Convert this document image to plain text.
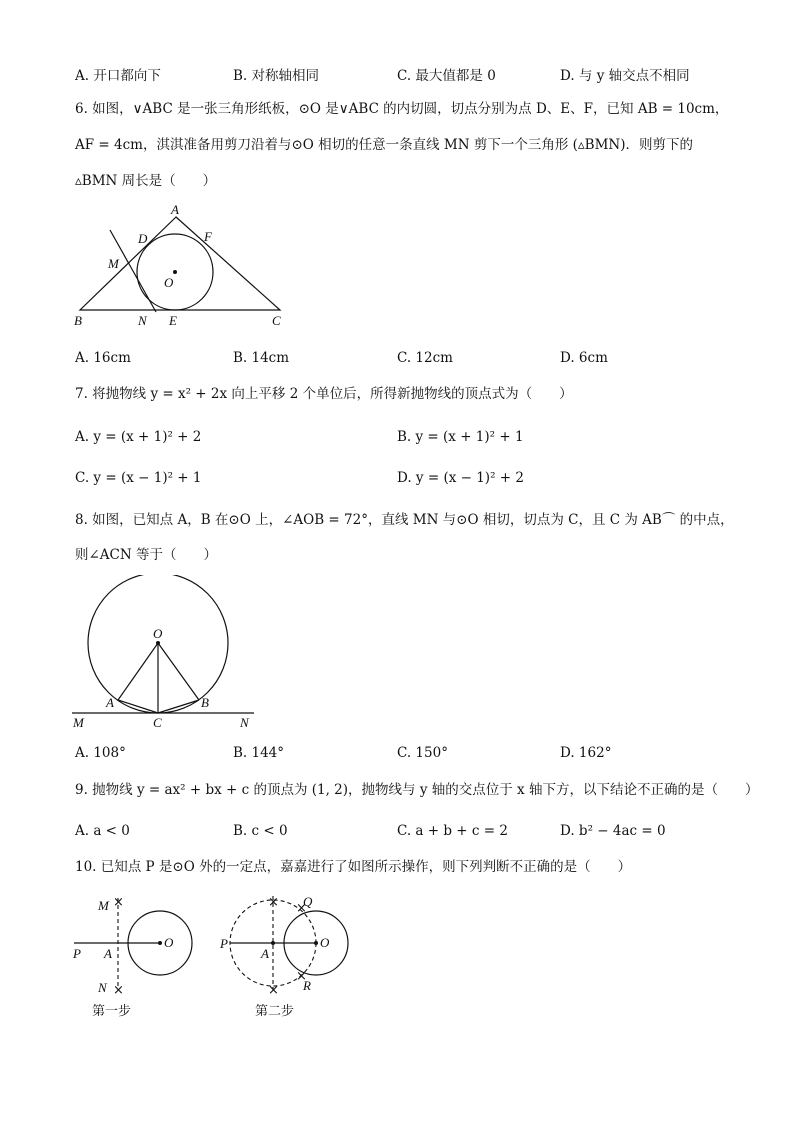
A. 开口都向下	B. 对称轴相同	C. 最大值都是 0	D. 与 y 轴交点不相同
6. 如图，∨ABC 是一张三角形纸板，⊙O 是∨ABC 的内切圆，切点分别为点 D、E、F，已知 AB = 10cm，
AF = 4cm，淇淇准备用剪刀沿着与⊙O 相切的任意一条直线 MN 剪下一个三角形 (▵BMN)．则剪下的
▵BMN 周长是（　　）
A
D	F
M
O
B	N E	C
A. 16cm	B. 14cm	C. 12cm	D. 6cm
7. 将抛物线 y = x² + 2x 向上平移 2 个单位后，所得新抛物线的顶点式为（　　）
A. y = (x + 1)² + 2	B. y = (x + 1)² + 1
C. y = (x − 1)² + 1	D. y = (x − 1)² + 2
8. 如图，已知点 A，B 在⊙O 上，∠AOB = 72°，直线 MN 与⊙O 相切，切点为 C，且 C 为 AB⌒ 的中点，
则∠ACN 等于（　　）
O
A	B
C
M	N
A. 108°	B. 144°	C. 150°	D. 162°
9. 抛物线 y = ax² + bx + c 的顶点为 (1, 2)，抛物线与 y 轴的交点位于 x 轴下方，以下结论不正确的是（　　）
A. a < 0	B. c < 0	C. a + b + c = 2	D. b² − 4ac = 0
10. 已知点 P 是⊙O 外的一定点，嘉嘉进行了如图所示操作，则下列判断不正确的是（　　）
×
×
M
P A
O
N
第一步
× ×
×
×
Q
P
A
O
R
第二步
